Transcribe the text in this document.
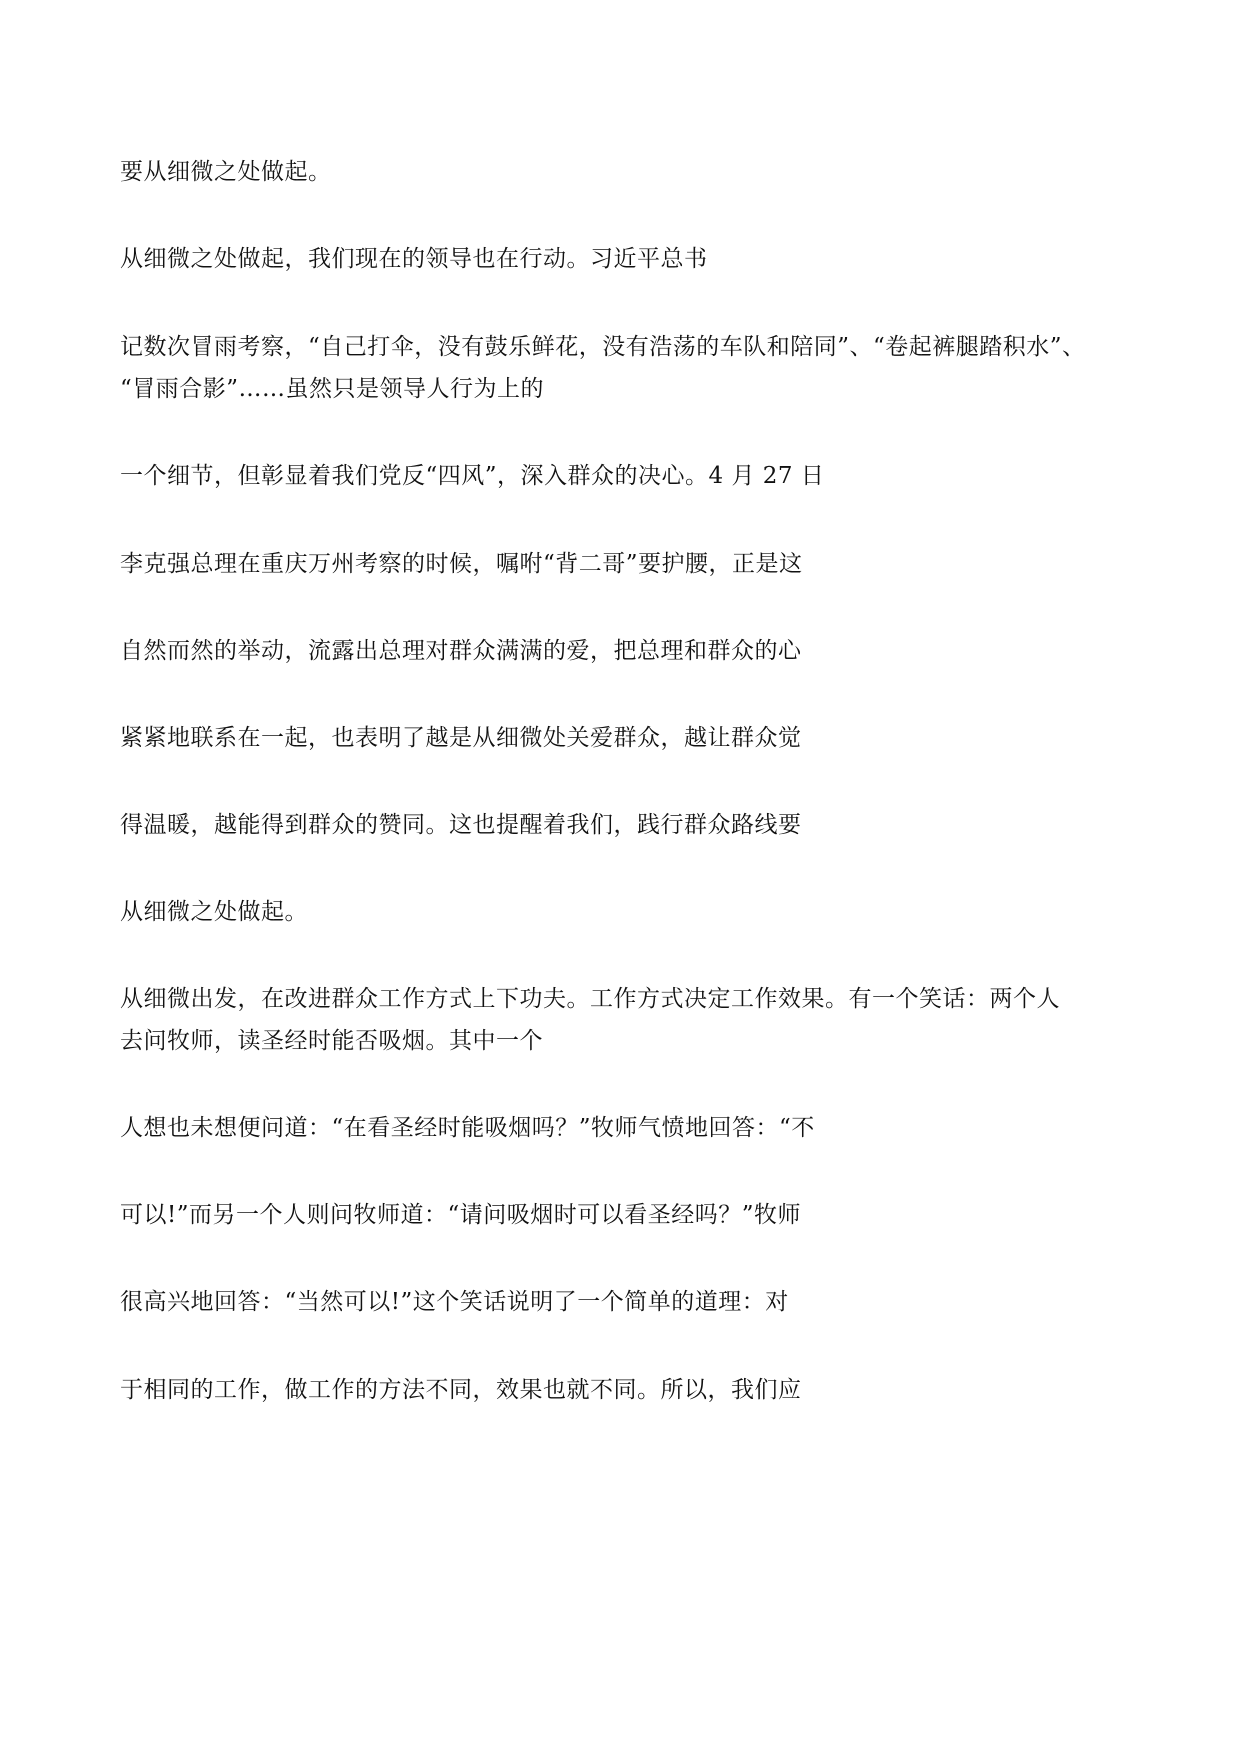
要从细微之处做起。
从细微之处做起，我们现在的领导也在行动。习近平总书
记数次冒雨考察，“自己打伞，没有鼓乐鲜花，没有浩荡的车队和陪同”、“卷起裤腿踏积水”、
“冒雨合影”……虽然只是领导人行为上的
一个细节，但彰显着我们党反“四风”，深入群众的决心。4 月 27 日
李克强总理在重庆万州考察的时候，嘱咐“背二哥”要护腰，正是这
自然而然的举动，流露出总理对群众满满的爱，把总理和群众的心
紧紧地联系在一起，也表明了越是从细微处关爱群众，越让群众觉
得温暖，越能得到群众的赞同。这也提醒着我们，践行群众路线要
从细微之处做起。
从细微出发，在改进群众工作方式上下功夫。工作方式决定工作效果。有一个笑话：两个人
去问牧师，读圣经时能否吸烟。其中一个
人想也未想便问道：“在看圣经时能吸烟吗？”牧师气愤地回答：“不
可以!”而另一个人则问牧师道：“请问吸烟时可以看圣经吗？”牧师
很高兴地回答：“当然可以!”这个笑话说明了一个简单的道理：对
于相同的工作，做工作的方法不同，效果也就不同。所以，我们应
